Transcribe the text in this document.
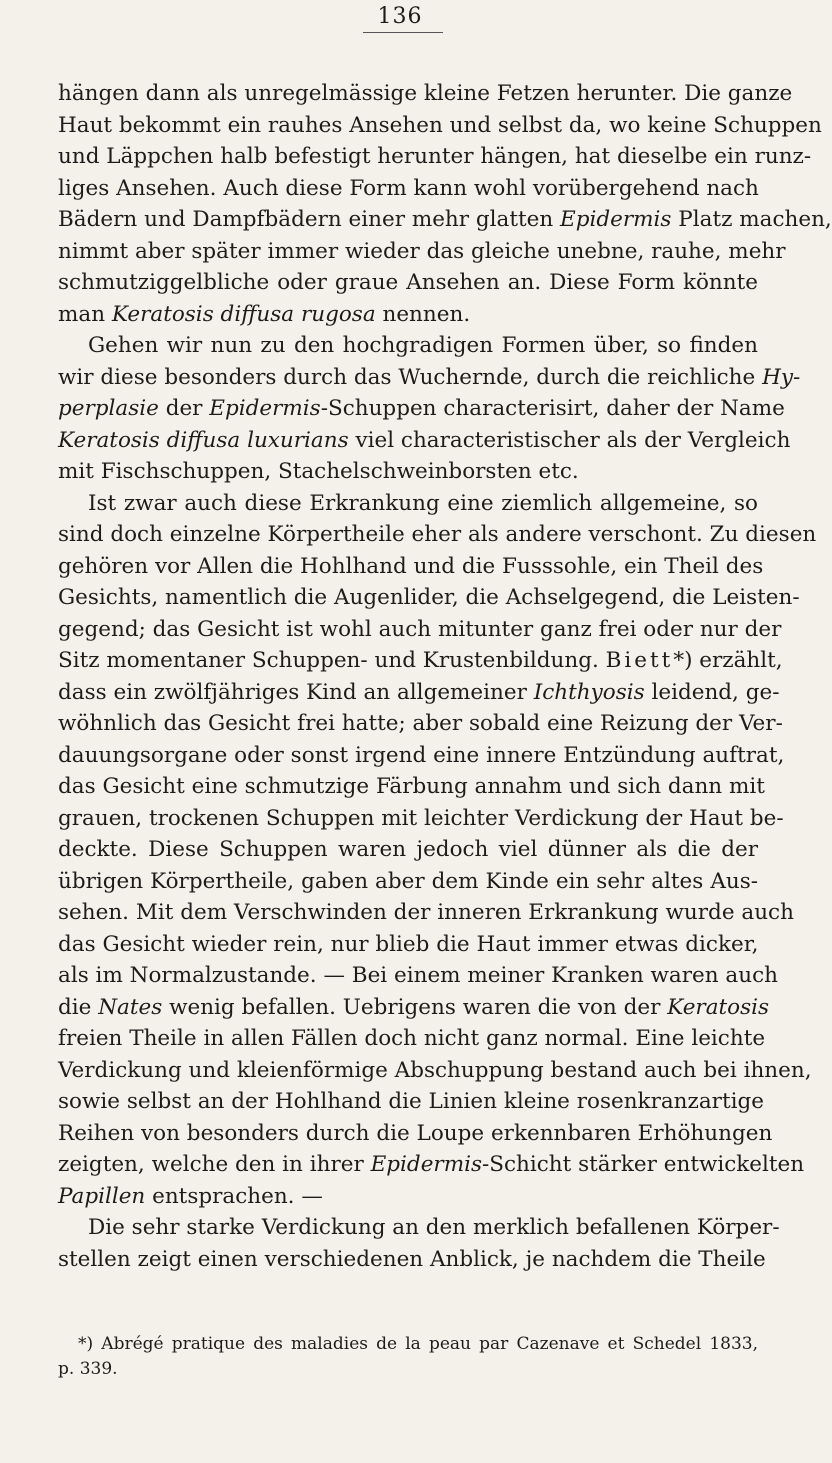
136
hängen dann als unregelmässige kleine Fetzen herunter. Die ganze
Haut bekommt ein rauhes Ansehen und selbst da, wo keine Schuppen
und Läppchen halb befestigt herunter hängen, hat dieselbe ein runz-
liges Ansehen. Auch diese Form kann wohl vorübergehend nach
Bädern und Dampfbädern einer mehr glatten Epidermis Platz machen,
nimmt aber später immer wieder das gleiche unebne, rauhe, mehr
schmutziggelbliche oder graue Ansehen an. Diese Form könnte
man Keratosis diffusa rugosa nennen.
Gehen wir nun zu den hochgradigen Formen über, so finden
wir diese besonders durch das Wuchernde, durch die reichliche Hy-
perplasie der Epidermis-Schuppen characterisirt, daher der Name
Keratosis diffusa luxurians viel characteristischer als der Vergleich
mit Fischschuppen, Stachelschweinborsten etc.
Ist zwar auch diese Erkrankung eine ziemlich allgemeine, so
sind doch einzelne Körpertheile eher als andere verschont. Zu diesen
gehören vor Allen die Hohlhand und die Fusssohle, ein Theil des
Gesichts, namentlich die Augenlider, die Achselgegend, die Leisten-
gegend; das Gesicht ist wohl auch mitunter ganz frei oder nur der
Sitz momentaner Schuppen- und Krustenbildung. Biett*) erzählt,
dass ein zwölfjähriges Kind an allgemeiner Ichthyosis leidend, ge-
wöhnlich das Gesicht frei hatte; aber sobald eine Reizung der Ver-
dauungsorgane oder sonst irgend eine innere Entzündung auftrat,
das Gesicht eine schmutzige Färbung annahm und sich dann mit
grauen, trockenen Schuppen mit leichter Verdickung der Haut be-
deckte. Diese Schuppen waren jedoch viel dünner als die der
übrigen Körpertheile, gaben aber dem Kinde ein sehr altes Aus-
sehen. Mit dem Verschwinden der inneren Erkrankung wurde auch
das Gesicht wieder rein, nur blieb die Haut immer etwas dicker,
als im Normalzustande. — Bei einem meiner Kranken waren auch
die Nates wenig befallen. Uebrigens waren die von der Keratosis
freien Theile in allen Fällen doch nicht ganz normal. Eine leichte
Verdickung und kleienförmige Abschuppung bestand auch bei ihnen,
sowie selbst an der Hohlhand die Linien kleine rosenkranzartige
Reihen von besonders durch die Loupe erkennbaren Erhöhungen
zeigten, welche den in ihrer Epidermis-Schicht stärker entwickelten
Papillen entsprachen. —
Die sehr starke Verdickung an den merklich befallenen Körper-
stellen zeigt einen verschiedenen Anblick, je nachdem die Theile
*) Abrégé pratique des maladies de la peau par Cazenave et Schedel 1833,
p. 339.
